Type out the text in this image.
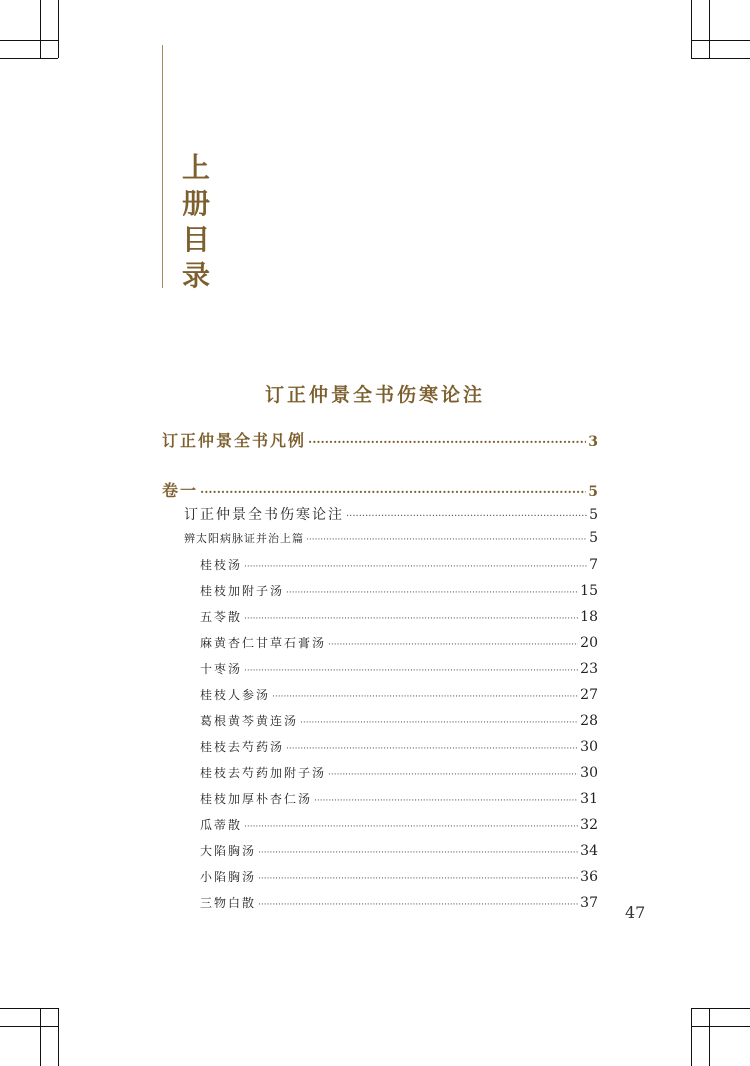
上
册
目
录
订正仲景全书伤寒论注
订正仲景全书凡例 ·····	3
卷一 ·····	5
订正仲景全书伤寒论注 ·····	5
辨太阳病脉证并治上篇 ·····	5
桂枝汤 ·····	7
桂枝加附子汤 ·····	15
五苓散 ·····	18
麻黄杏仁甘草石膏汤 ·····	20
十枣汤 ·····	23
桂枝人参汤 ·····	27
葛根黄芩黄连汤 ·····	28
桂枝去芍药汤 ·····	30
桂枝去芍药加附子汤 ·····	30
桂枝加厚朴杏仁汤 ·····	31
瓜蒂散 ·····	32
大陷胸汤 ·····	34
小陷胸汤 ·····	36
三物白散 ·····	37 47
